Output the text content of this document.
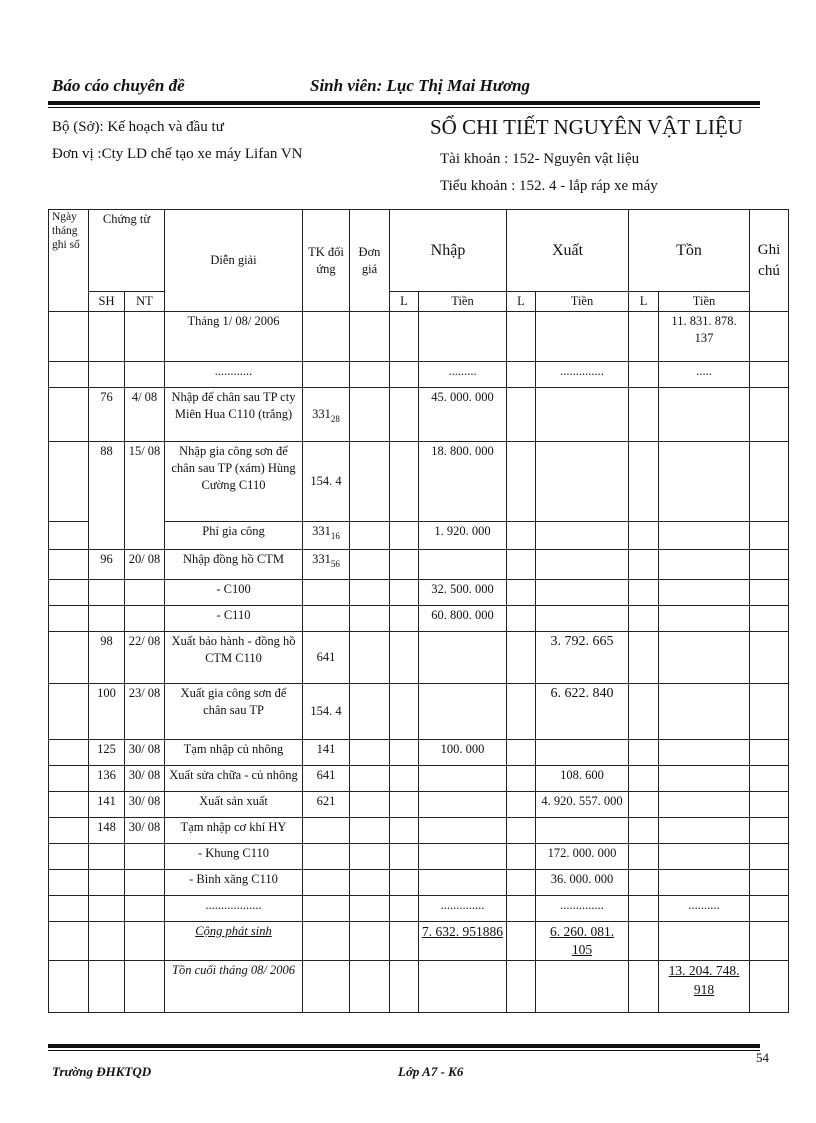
Báo cáo chuyên đề	Sinh viên: Lục Thị Mai Hương
Bộ (Sở): Kế hoạch và đầu tư
Đơn vị :Cty LD chế tạo xe máy Lifan VN
SỔ CHI TIẾT NGUYÊN VẬT LIỆU
Tài khoản : 152- Nguyên vật liệu
Tiểu khoản : 152. 4 - lắp ráp xe máy
Ngày tháng ghi sổ	Chứng từ		Diễn giải	TK đối ứng	Đơn giá	Nhập		Xuất		Tồn		Ghi chú
	SH	NT				L	Tiền	L	Tiền	L	Tiền	
			Tháng 1/ 08/ 2006								11. 831. 878. 137	
			............				.........		..............		.....	
	76	4/ 08	Nhập để chân sau TP cty Miên Hua C110 (trắng)	$331_{28}$			45. 000. 000					
	88	15/ 08	Nhập gia công sơn để chân sau TP (xám) Hùng Cường C110	154. 4			18. 800. 000					
			Phí gia công	$331_{16}$			1. 920. 000					
	96	20/ 08	Nhập đồng hồ CTM	$331_{56}$								
			- C100				32. 500. 000					
			- C110				60. 800. 000					
	98	22/ 08	Xuất bảo hành - đồng hồ CTM C110	641					3. 792. 665			
	100	23/ 08	Xuất gia công sơn để chân sau TP	154. 4					6. 622. 840			
	125	30/ 08	Tạm nhập củ nhông	141			100. 000					
	136	30/ 08	Xuất sửa chữa - củ nhông	641					108. 600			
	141	30/ 08	Xuất sản xuất	621					4. 920. 557. 000			
	148	30/ 08	Tạm nhập cơ khí HY									
			- Khung C110						172. 000. 000			
			- Bình xăng C110						36. 000. 000			
			..................				..............		..............		..........	
			Cộng phát sinh				7. 632. 951886		6. 260. 081. 105			
			Tồn cuối tháng 08/ 2006								13. 204. 748. 918	
54
Trường ĐHKTQD	Lớp A7 - K6
